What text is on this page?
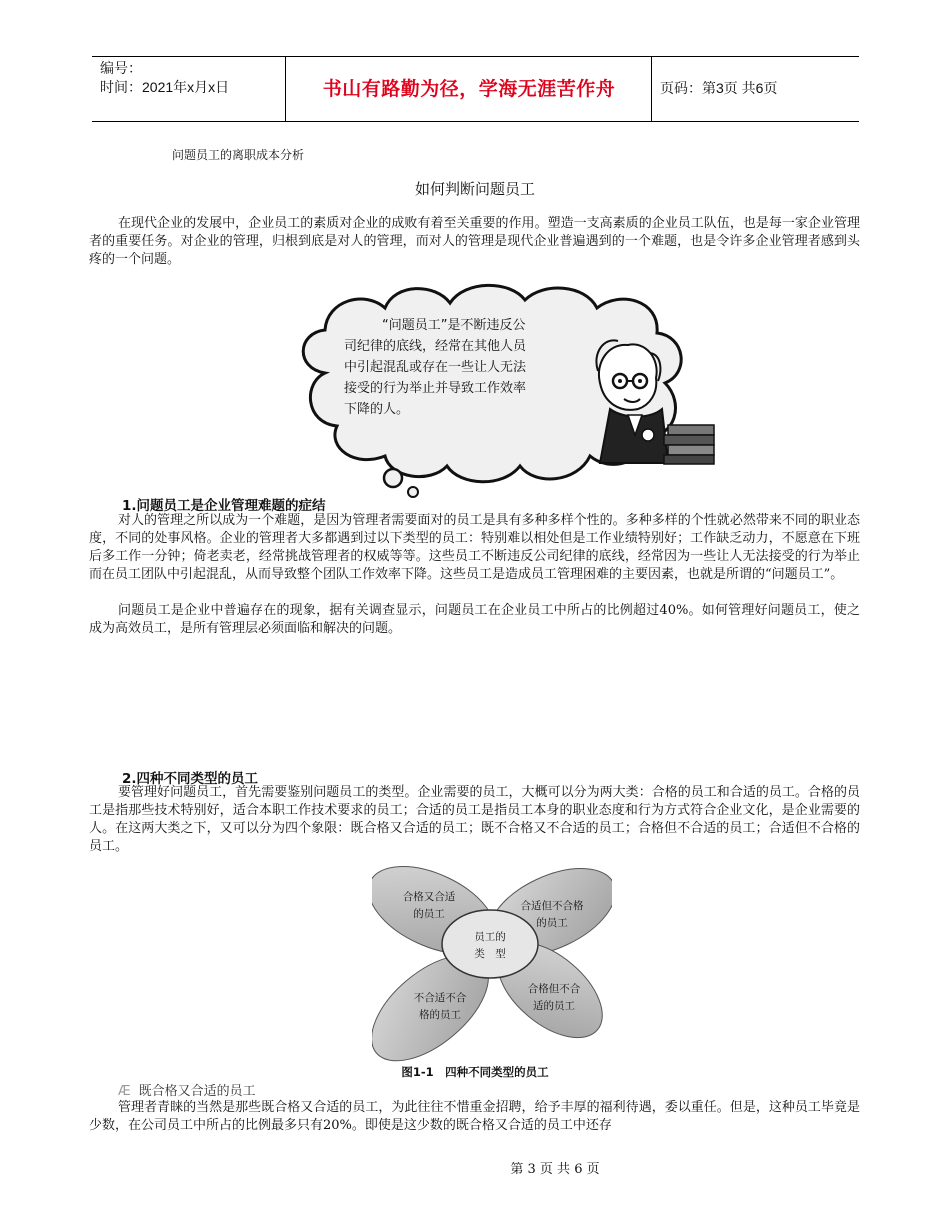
编号：
时间：2021年x月x日	书山有路勤为径，学海无涯苦作舟	页码：第3页 共6页
问题员工的离职成本分析
如何判断问题员工
在现代企业的发展中，企业员工的素质对企业的成败有着至关重要的作用。塑造一支高素质的企业员工队伍，也是每一家企业管理者的重要任务。对企业的管理，归根到底是对人的管理，而对人的管理是现代企业普遍遇到的一个难题，也是令许多企业管理者感到头疼的一个问题。
“问题员工”是不断违反公
司纪律的底线，经常在其他人员
中引起混乱或存在一些让人无法
接受的行为举止并导致工作效率
下降的人。
1.问题员工是企业管理难题的症结
对人的管理之所以成为一个难题，是因为管理者需要面对的员工是具有多种多样个性的。多种多样的个性就必然带来不同的职业态度，不同的处事风格。企业的管理者大多都遇到过以下类型的员工：特别难以相处但是工作业绩特别好；工作缺乏动力，不愿意在下班后多工作一分钟；倚老卖老，经常挑战管理者的权威等等。这些员工不断违反公司纪律的底线，经常因为一些让人无法接受的行为举止而在员工团队中引起混乱，从而导致整个团队工作效率下降。这些员工是造成员工管理困难的主要因素，也就是所谓的“问题员工”。
问题员工是企业中普遍存在的现象，据有关调查显示，问题员工在企业员工中所占的比例超过40%。如何管理好问题员工，使之成为高效员工，是所有管理层必须面临和解决的问题。
2.四种不同类型的员工
要管理好问题员工，首先需要鉴别问题员工的类型。企业需要的员工，大概可以分为两大类：合格的员工和合适的员工。合格的员工是指那些技术特别好，适合本职工作技术要求的员工；合适的员工是指员工本身的职业态度和行为方式符合企业文化，是企业需要的人。在这两大类之下，又可以分为四个象限：既合格又合适的员工；既不合格又不合适的员工；合格但不合适的员工；合适但不合格的员工。
合格又合适
的员工
合适但不合格
的员工
员工的
类　型
不合适不合
格的员工
合格但不合
适的员工
图1-1　四种不同类型的员工
Æ 既合格又合适的员工
管理者青睐的当然是那些既合格又合适的员工，为此往往不惜重金招聘，给予丰厚的福利待遇，委以重任。但是，这种员工毕竟是少数，在公司员工中所占的比例最多只有20%。即使是这少数的既合格又合适的员工中还存
第 3 页 共 6 页
